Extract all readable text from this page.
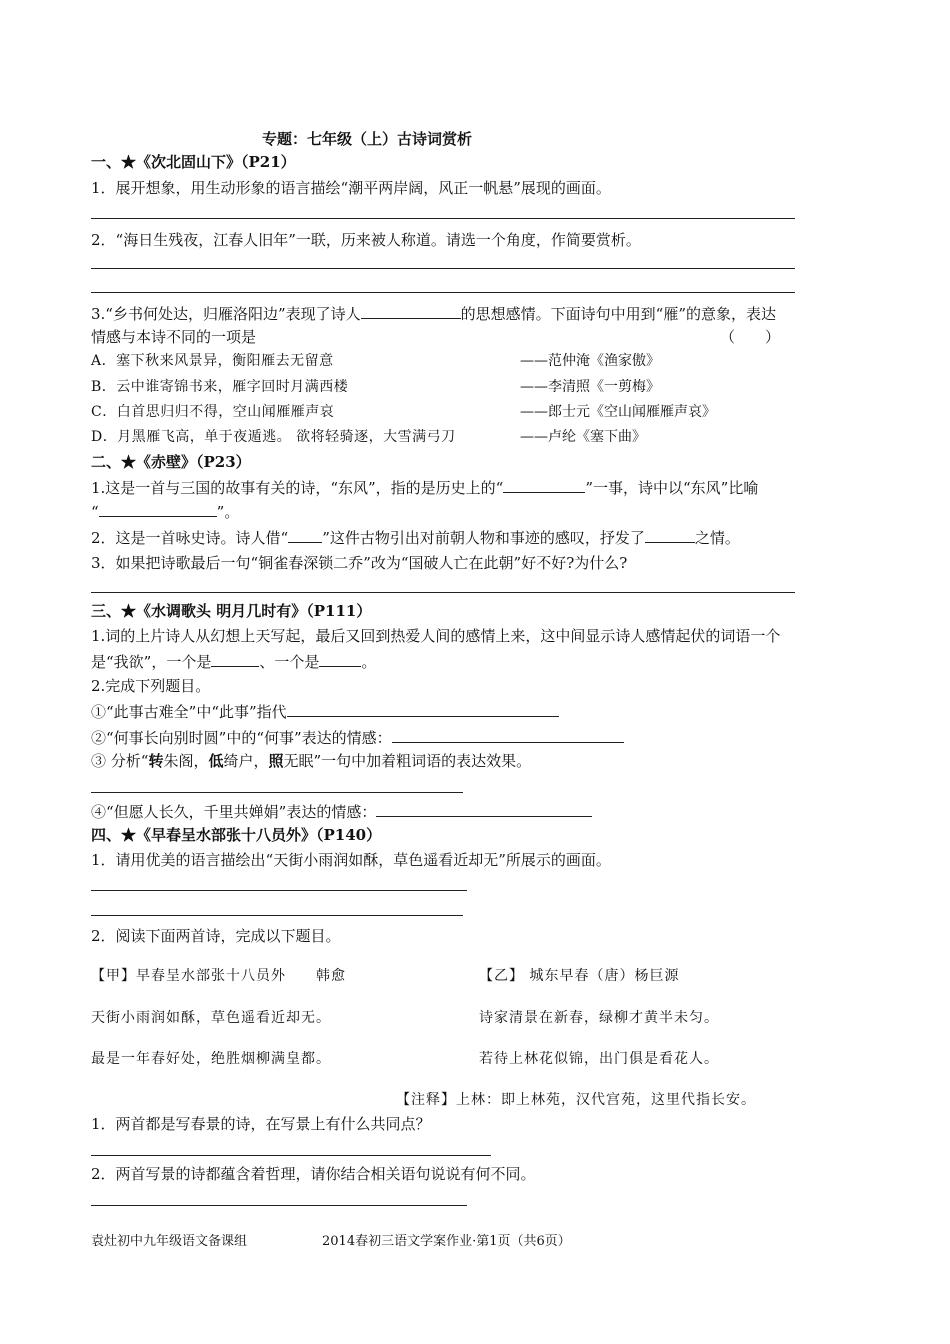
专题：七年级（上）古诗词赏析
一、★《次北固山下》（P21）
1．展开想象，用生动形象的语言描绘“潮平两岸阔，风正一帆悬”展现的画面。
2．“海日生残夜，江春人旧年”一联，历来被人称道。请选一个角度，作简要赏析。
3.“乡书何处达，归雁洛阳边”表现了诗人	的思想感情。下面诗句中用到“雁”的意象，表达
情感与本诗不同的一项是	（　　）
A．塞下秋来风景异，衡阳雁去无留意	——范仲淹《渔家傲》
B．云中谁寄锦书来，雁字回时月满西楼	——李清照《一剪梅》
C．白首思归归不得，空山闻雁雁声哀	——郎士元《空山闻雁雁声哀》
D．月黑雁飞高，单于夜遁逃。 欲将轻骑逐，大雪满弓刀	——卢纶《塞下曲》
二、★《赤壁》（P23）
1.这是一首与三国的故事有关的诗，“东风”，指的是历史上的“	”一事，诗中以“东风”比喻
“	”。
2．这是一首咏史诗。诗人借“ ”这件古物引出对前朝人物和事迹的感叹，抒发了	之情。
3．如果把诗歌最后一句“铜雀春深锁二乔”改为“国破人亡在此朝”好不好?为什么?
三、★《水调歌头 明月几时有》（P111）
1.词的上片诗人从幻想上天写起，最后又回到热爱人间的感情上来，这中间显示诗人感情起伏的词语一个
是“我欲”，一个是	、一个是	。
2.完成下列题目。
①“此事古难全”中“此事”指代
②“何事长向别时圆”中的“何事”表达的情感：
③ 分析“转朱阁，低绮户，照无眠”一句中加着粗词语的表达效果。
④“但愿人长久，千里共婵娟”表达的情感：
四、★《早春呈水部张十八员外》（P140）
1．请用优美的语言描绘出“天街小雨润如酥，草色遥看近却无”所展示的画面。
2．阅读下面两首诗，完成以下题目。
【甲】早春呈水部张十八员外　　韩愈
天街小雨润如酥，草色遥看近却无。
最是一年春好处，绝胜烟柳满皇都。
【乙】 城东早春（唐）杨巨源
诗家清景在新春，绿柳才黄半未匀。
若待上林花似锦，出门俱是看花人。
【注释】上林：即上林苑，汉代宫苑，这里代指长安。
1．两首都是写春景的诗，在写景上有什么共同点？
2．两首写景的诗都蕴含着哲理，请你结合相关语句说说有何不同。
袁灶初中九年级语文备课组	2014春初三语文学案作业·第1页（共6页）
